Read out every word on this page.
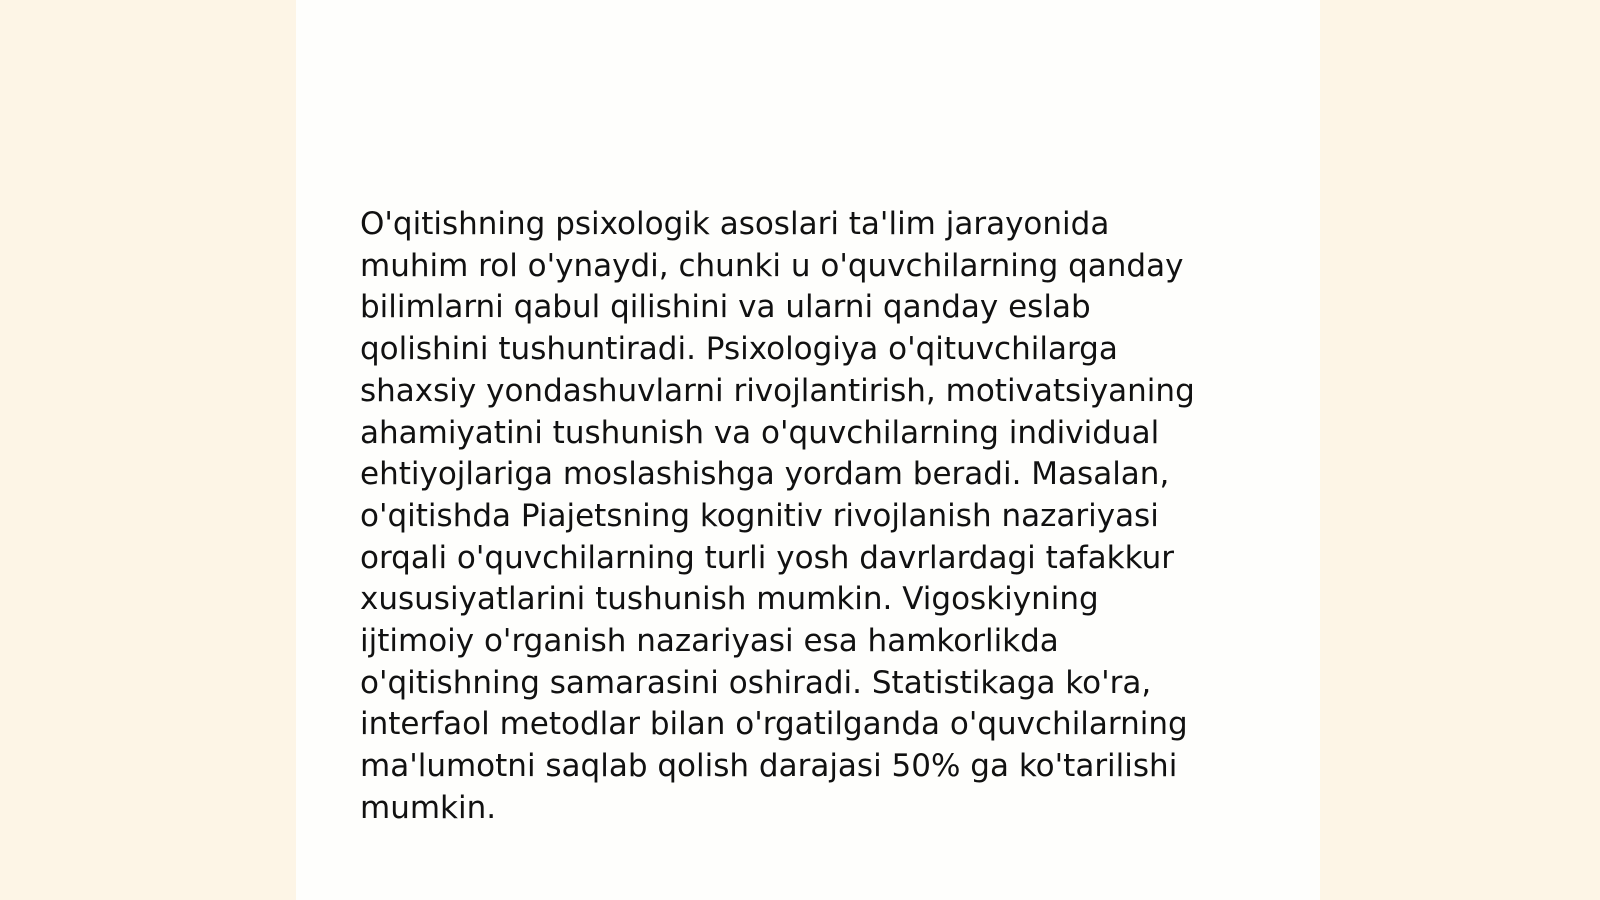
O'qitishning psixologik asoslari ta'lim jarayonida
muhim rol o'ynaydi, chunki u o'quvchilarning qanday
bilimlarni qabul qilishini va ularni qanday eslab
qolishini tushuntiradi. Psixologiya o'qituvchilarga
shaxsiy yondashuvlarni rivojlantirish, motivatsiyaning
ahamiyatini tushunish va o'quvchilarning individual
ehtiyojlariga moslashishga yordam beradi. Masalan,
o'qitishda Piajetsning kognitiv rivojlanish nazariyasi
orqali o'quvchilarning turli yosh davrlardagi tafakkur
xususiyatlarini tushunish mumkin. Vigoskiyning
ijtimoiy o'rganish nazariyasi esa hamkorlikda
o'qitishning samarasini oshiradi. Statistikaga ko'ra,
interfaol metodlar bilan o'rgatilganda o'quvchilarning
ma'lumotni saqlab qolish darajasi 50% ga ko'tarilishi
mumkin.
